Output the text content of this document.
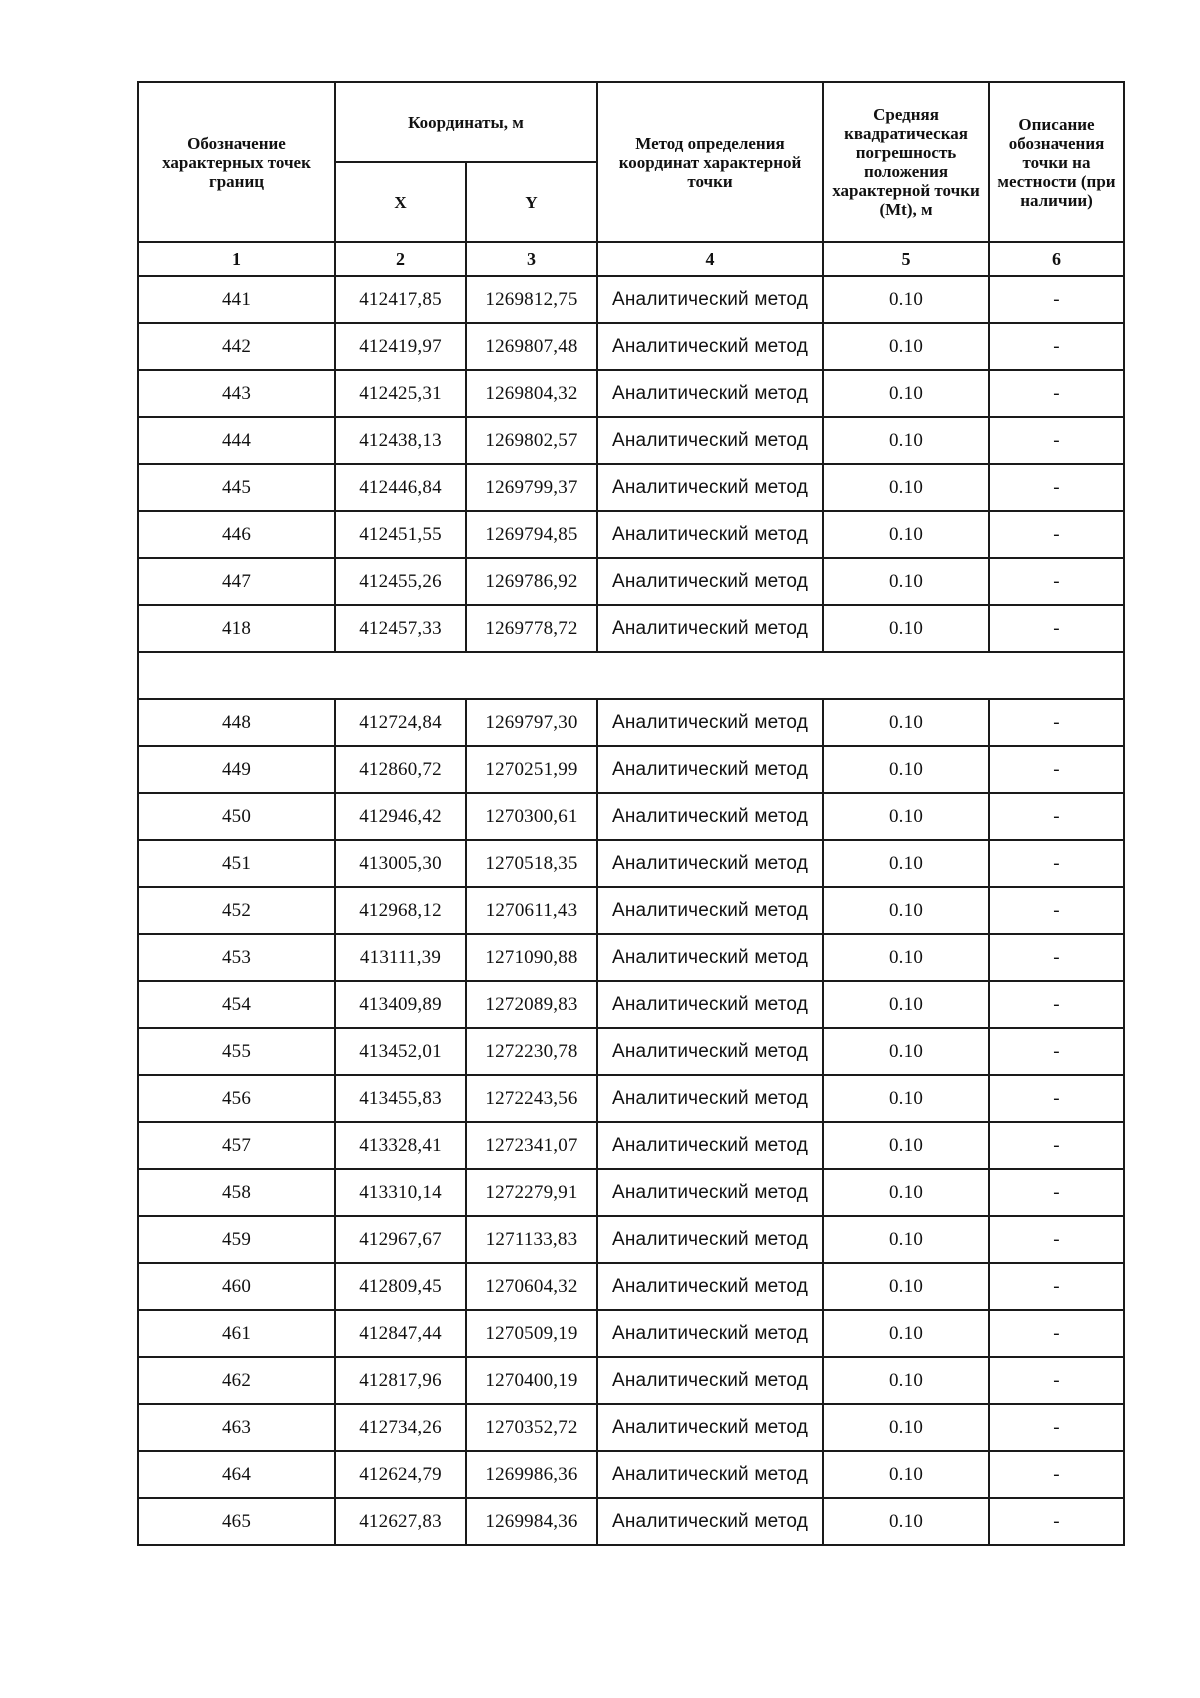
Обозначение характерных точек границ	Координаты, м		Метод определения координат характерной точки	Средняя квадратическая погрешность положения характерной точки (Mt), м	Описание обозначения точки на местности (при наличии)
	X	Y			
1	2	3	4	5	6
441	412417,85	1269812,75	Аналитический метод	0.10	-
442	412419,97	1269807,48	Аналитический метод	0.10	-
443	412425,31	1269804,32	Аналитический метод	0.10	-
444	412438,13	1269802,57	Аналитический метод	0.10	-
445	412446,84	1269799,37	Аналитический метод	0.10	-
446	412451,55	1269794,85	Аналитический метод	0.10	-
447	412455,26	1269786,92	Аналитический метод	0.10	-
418	412457,33	1269778,72	Аналитический метод	0.10	-

448	412724,84	1269797,30	Аналитический метод	0.10	-
449	412860,72	1270251,99	Аналитический метод	0.10	-
450	412946,42	1270300,61	Аналитический метод	0.10	-
451	413005,30	1270518,35	Аналитический метод	0.10	-
452	412968,12	1270611,43	Аналитический метод	0.10	-
453	413111,39	1271090,88	Аналитический метод	0.10	-
454	413409,89	1272089,83	Аналитический метод	0.10	-
455	413452,01	1272230,78	Аналитический метод	0.10	-
456	413455,83	1272243,56	Аналитический метод	0.10	-
457	413328,41	1272341,07	Аналитический метод	0.10	-
458	413310,14	1272279,91	Аналитический метод	0.10	-
459	412967,67	1271133,83	Аналитический метод	0.10	-
460	412809,45	1270604,32	Аналитический метод	0.10	-
461	412847,44	1270509,19	Аналитический метод	0.10	-
462	412817,96	1270400,19	Аналитический метод	0.10	-
463	412734,26	1270352,72	Аналитический метод	0.10	-
464	412624,79	1269986,36	Аналитический метод	0.10	-
465	412627,83	1269984,36	Аналитический метод	0.10	-
